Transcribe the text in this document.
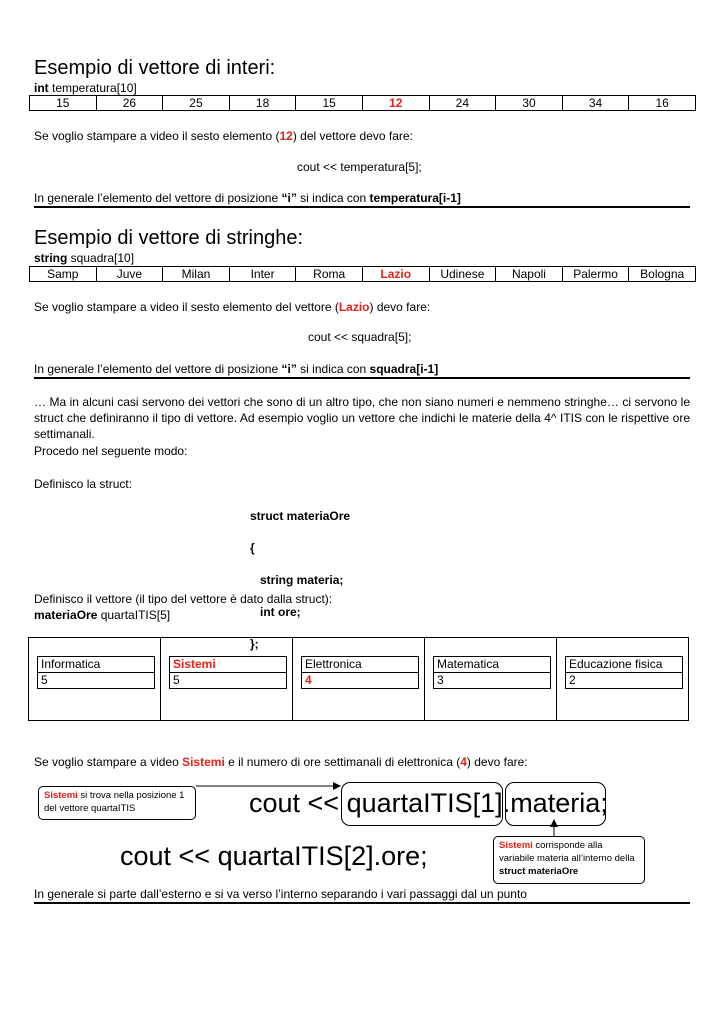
Esempio di vettore di interi:
int temperatura[10]
15	26	25	18	15	12	24	30	34	16
Se voglio stampare a video il sesto elemento (12) del vettore devo fare:
cout << temperatura[5];
In generale l’elemento del vettore di posizione “i” si indica con temperatura[i-1]
Esempio di vettore di stringhe:
string squadra[10]
Samp	Juve	Milan	Inter	Roma	Lazio	Udinese	Napoli	Palermo	Bologna
Se voglio stampare a video il sesto elemento del vettore (Lazio) devo fare:
cout << squadra[5];
In generale l’elemento del vettore di posizione “i” si indica con squadra[i-1]
… Ma in alcuni casi servono dei vettori che sono di un altro tipo, che non siano numeri e nemmeno stringhe… ci servono le struct che definiranno il tipo di vettore. Ad esempio voglio un vettore che indichi le materie della 4^ ITIS con le rispettive ore settimanali.
Procedo nel seguente modo:
Definisco la struct:

struct materiaOre

{

string materia;

int ore;

};

Definisco il vettore (il tipo del vettore è dato dalla struct):
materiaOre quartaITIS[5]
Informatica
5
Sistemi
5
Elettronica
4
Matematica
3
Educazione fisica
2
Se voglio stampare a video Sistemi e il numero di ore settimanali di elettronica (4) devo fare:
Sistemi si trova nella posizione 1 del vettore quartaITIS	cout << quartaITIS[1].materia;
cout << quartaITIS[2].ore;	Sistemi corrisponde alla variabile materia all’interno della struct materiaOre
In generale si parte dall’esterno e si va verso l’interno separando i vari passaggi dal un punto
